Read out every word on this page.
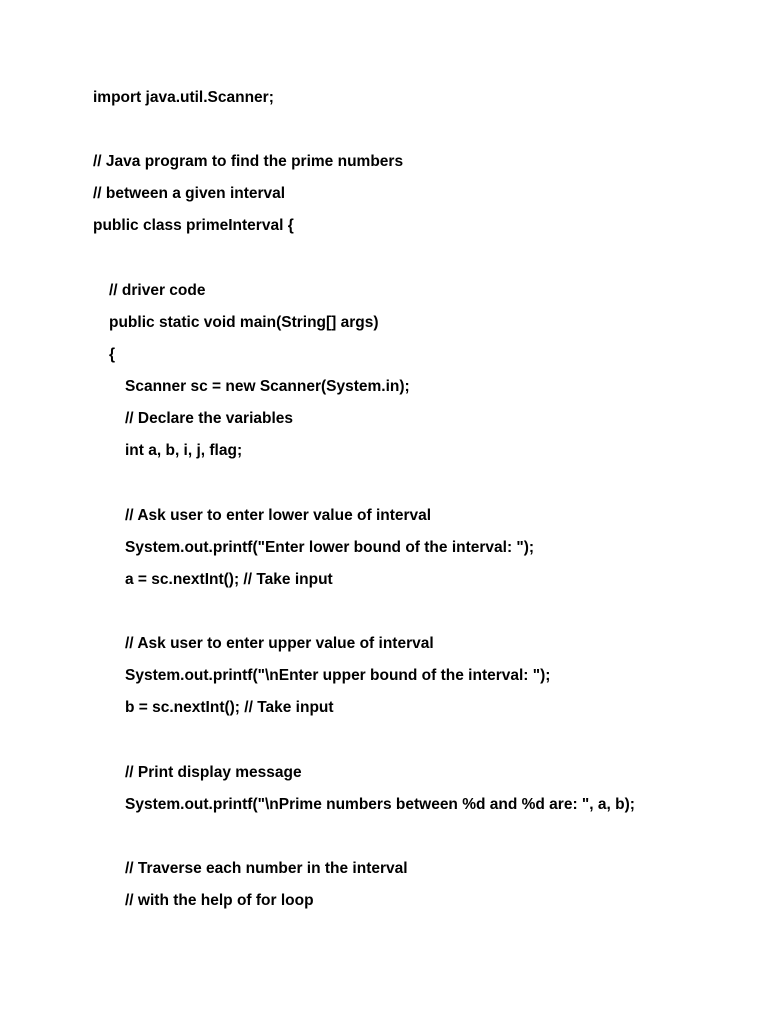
import java.util.Scanner;

// Java program to find the prime numbers

// between a given interval

public class primeInterval {

// driver code

public static void main(String[] args)

{

Scanner sc = new Scanner(System.in);

// Declare the variables

int a, b, i, j, flag;

// Ask user to enter lower value of interval

System.out.printf("Enter lower bound of the interval: ");

a = sc.nextInt(); // Take input

// Ask user to enter upper value of interval

System.out.printf("\nEnter upper bound of the interval: ");

b = sc.nextInt(); // Take input

// Print display message

System.out.printf("\nPrime numbers between %d and %d are: ", a, b);

// Traverse each number in the interval

// with the help of for loop
